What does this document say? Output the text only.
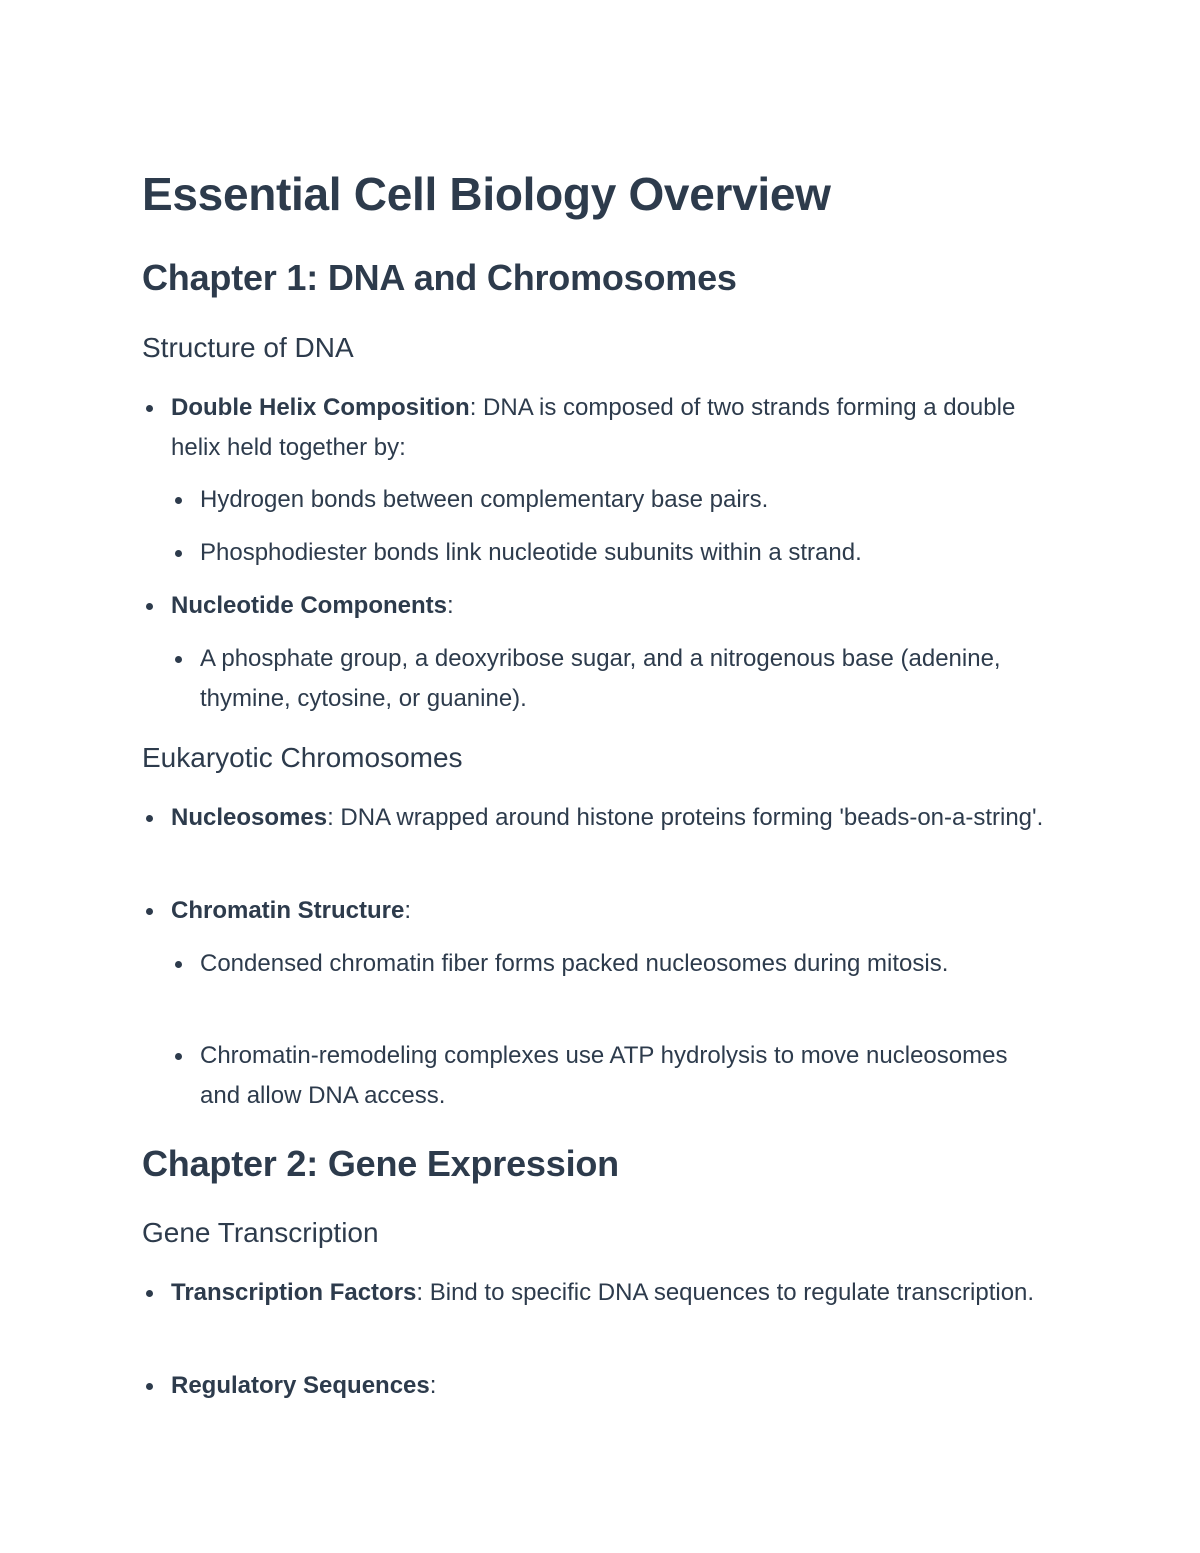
Essential Cell Biology Overview
Chapter 1: DNA and Chromosomes
Structure of DNA
Double Helix Composition: DNA is composed of two strands forming a double helix held together by:
Hydrogen bonds between complementary base pairs.
Phosphodiester bonds link nucleotide subunits within a strand.
Nucleotide Components:
A phosphate group, a deoxyribose sugar, and a nitrogenous base (adenine, thymine, cytosine, or guanine).
Eukaryotic Chromosomes
Nucleosomes: DNA wrapped around histone proteins forming 'beads-on-a-string'.
Chromatin Structure:
Condensed chromatin fiber forms packed nucleosomes during mitosis.
Chromatin-remodeling complexes use ATP hydrolysis to move nucleosomes and allow DNA access.
Chapter 2: Gene Expression
Gene Transcription
Transcription Factors: Bind to specific DNA sequences to regulate transcription.
Regulatory Sequences:
